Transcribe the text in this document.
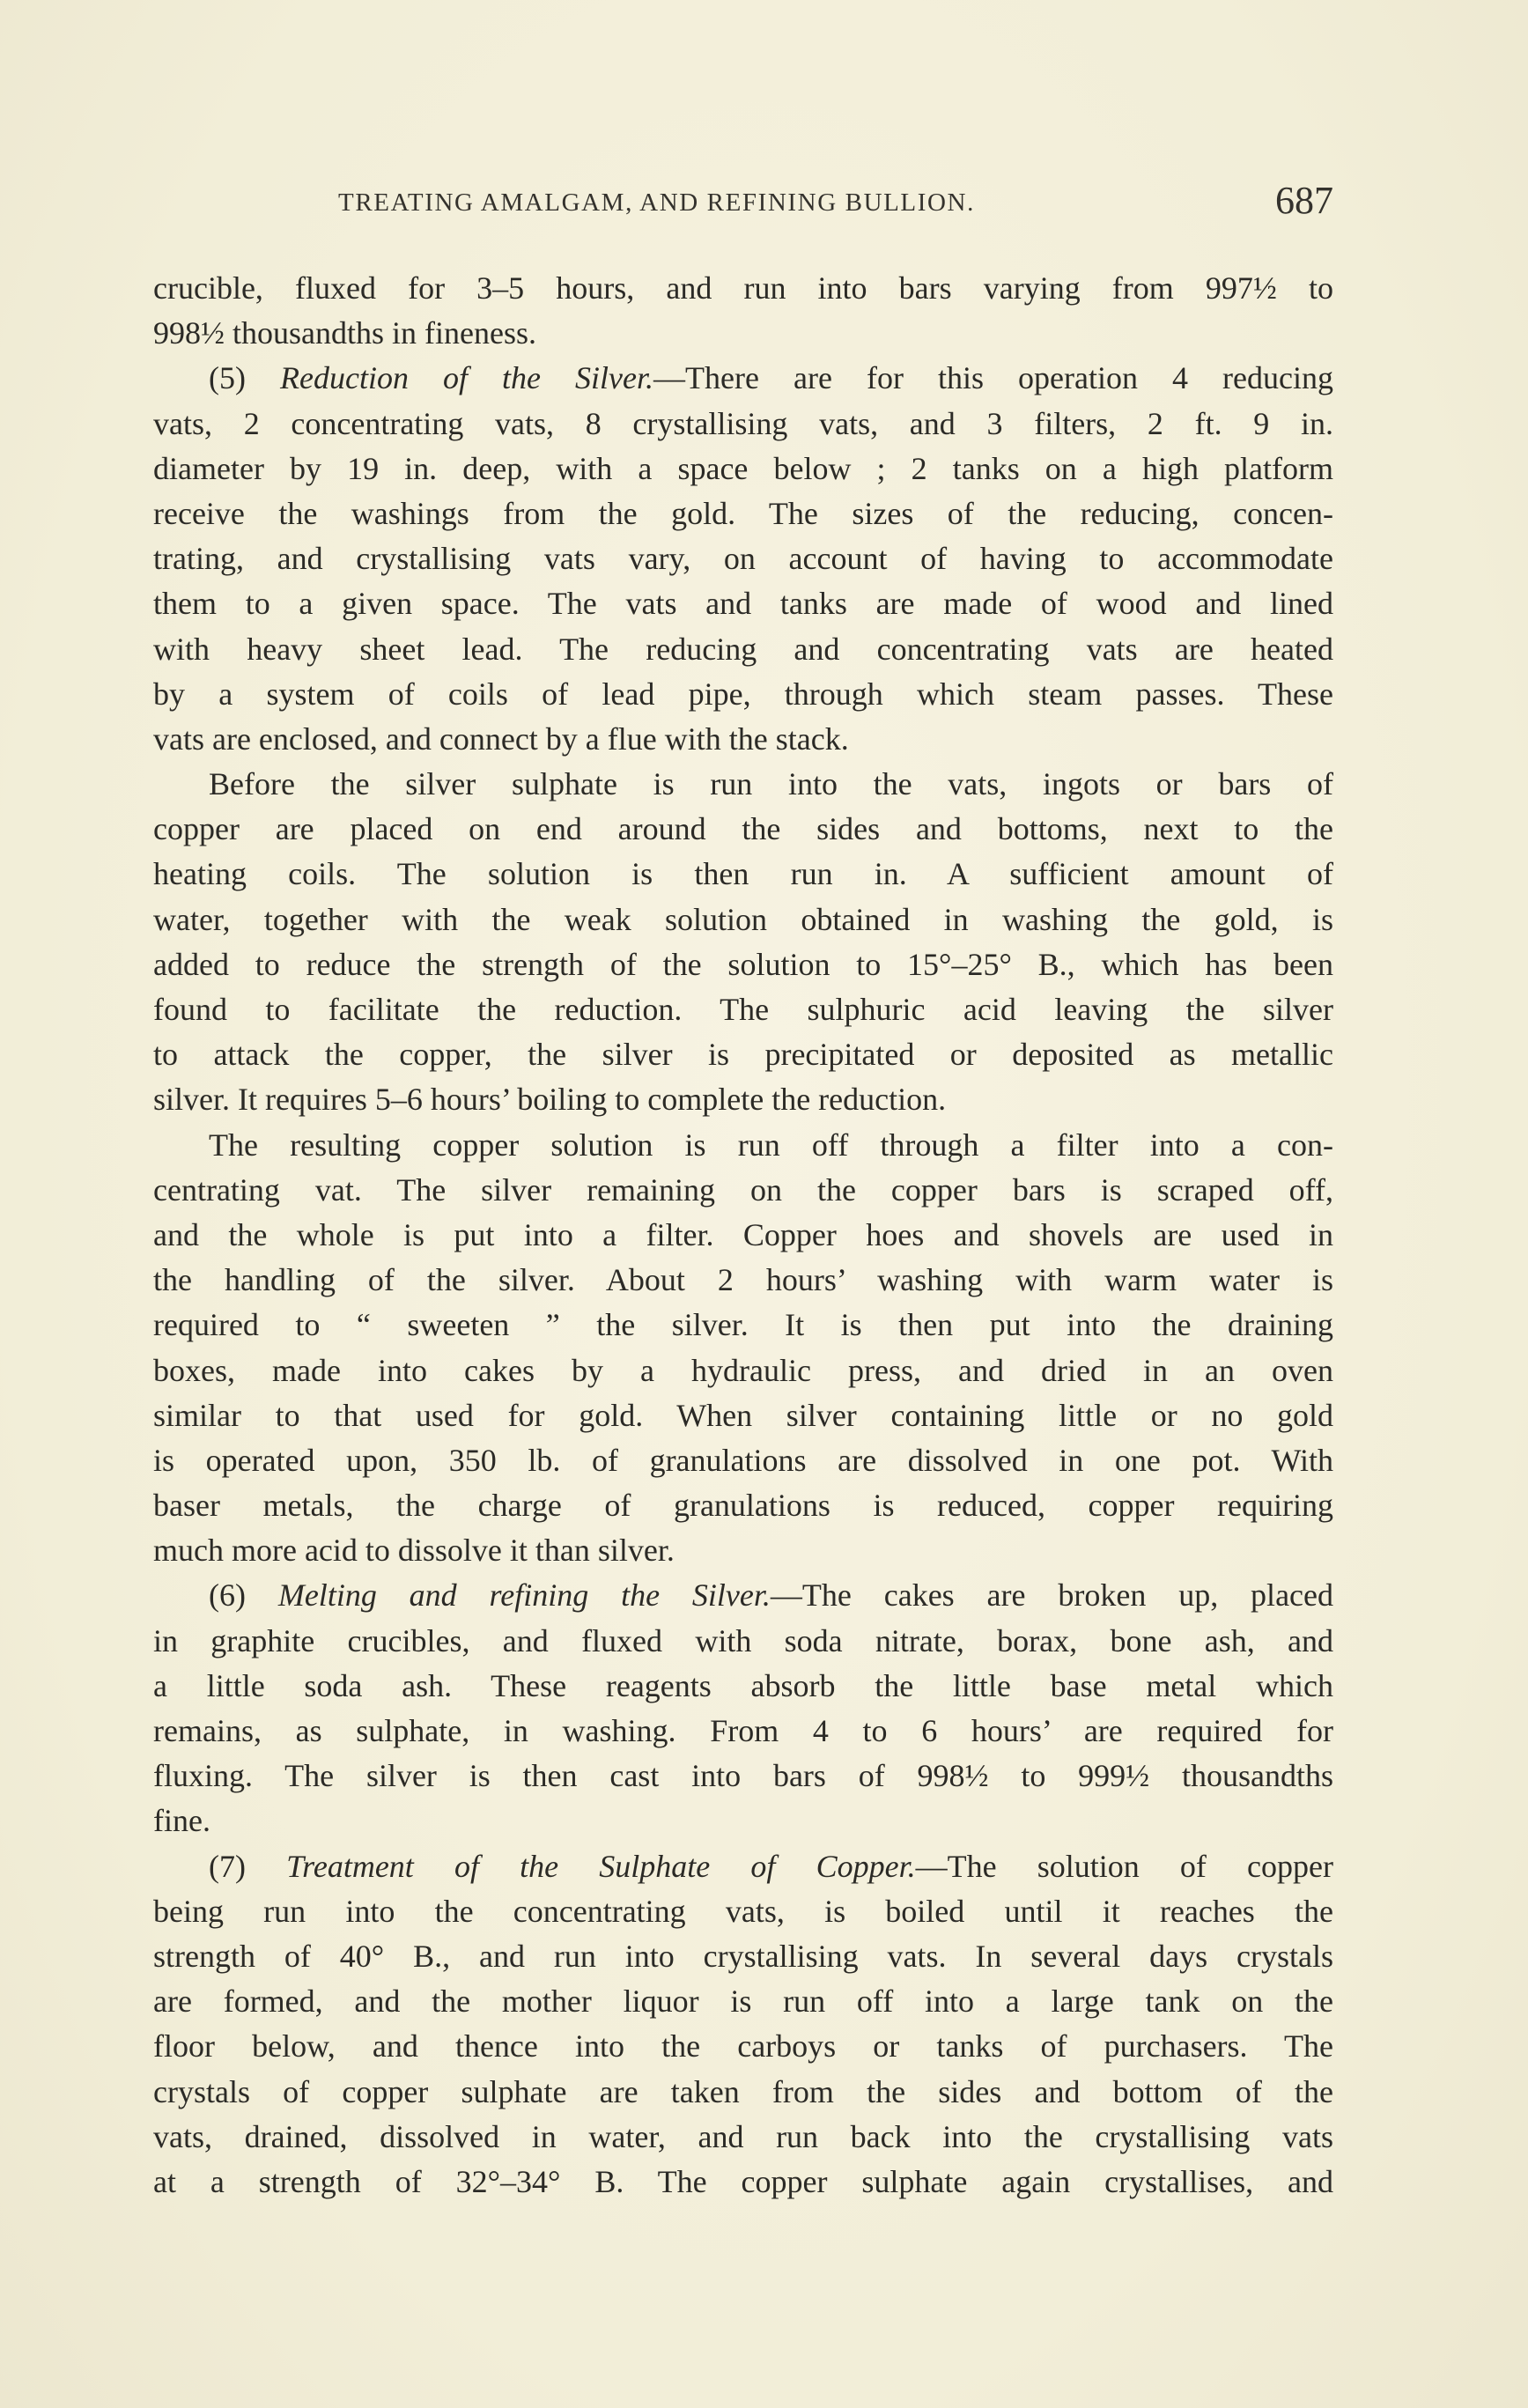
TREATING AMALGAM, AND REFINING BULLION.	687
crucible, fluxed for 3–5 hours, and run into bars varying from 997½ to
998½ thousandths in fineness.
(5) Reduction of the Silver.—There are for this operation 4 reducing
vats, 2 concentrating vats, 8 crystallising vats, and 3 filters, 2 ft. 9 in.
diameter by 19 in. deep, with a space below ; 2 tanks on a high platform
receive the washings from the gold. The sizes of the reducing, concen-
trating, and crystallising vats vary, on account of having to accommodate
them to a given space. The vats and tanks are made of wood and lined
with heavy sheet lead. The reducing and concentrating vats are heated
by a system of coils of lead pipe, through which steam passes. These
vats are enclosed, and connect by a flue with the stack.
Before the silver sulphate is run into the vats, ingots or bars of
copper are placed on end around the sides and bottoms, next to the
heating coils. The solution is then run in. A sufficient amount of
water, together with the weak solution obtained in washing the gold, is
added to reduce the strength of the solution to 15°–25° B., which has been
found to facilitate the reduction. The sulphuric acid leaving the silver
to attack the copper, the silver is precipitated or deposited as metallic
silver. It requires 5–6 hours’ boiling to complete the reduction.
The resulting copper solution is run off through a filter into a con-
centrating vat. The silver remaining on the copper bars is scraped off,
and the whole is put into a filter. Copper hoes and shovels are used in
the handling of the silver. About 2 hours’ washing with warm water is
required to “ sweeten ” the silver. It is then put into the draining
boxes, made into cakes by a hydraulic press, and dried in an oven
similar to that used for gold. When silver containing little or no gold
is operated upon, 350 lb. of granulations are dissolved in one pot. With
baser metals, the charge of granulations is reduced, copper requiring
much more acid to dissolve it than silver.
(6) Melting and refining the Silver.—The cakes are broken up, placed
in graphite crucibles, and fluxed with soda nitrate, borax, bone ash, and
a little soda ash. These reagents absorb the little base metal which
remains, as sulphate, in washing. From 4 to 6 hours’ are required for
fluxing. The silver is then cast into bars of 998½ to 999½ thousandths
fine.
(7) Treatment of the Sulphate of Copper.—The solution of copper
being run into the concentrating vats, is boiled until it reaches the
strength of 40° B., and run into crystallising vats. In several days crystals
are formed, and the mother liquor is run off into a large tank on the
floor below, and thence into the carboys or tanks of purchasers. The
crystals of copper sulphate are taken from the sides and bottom of the
vats, drained, dissolved in water, and run back into the crystallising vats
at a strength of 32°–34° B. The copper sulphate again crystallises, and
